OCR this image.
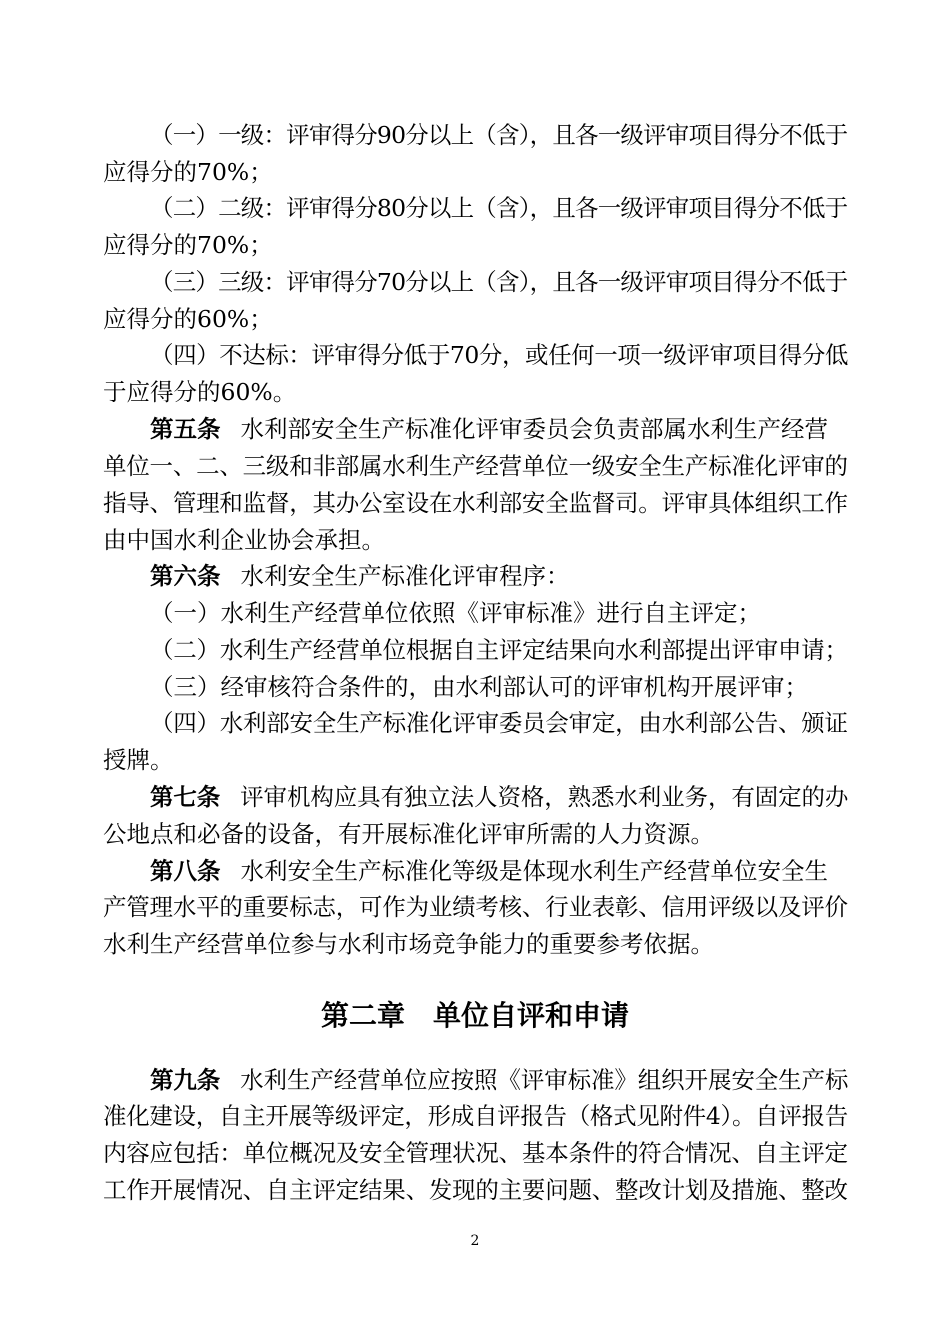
（一）一级：评审得分90分以上（含），且各一级评审项目得分不低于
应得分的70%；
（二）二级：评审得分80分以上（含），且各一级评审项目得分不低于
应得分的70%；
（三）三级：评审得分70分以上（含），且各一级评审项目得分不低于
应得分的60%；
（四）不达标：评审得分低于70分，或任何一项一级评审项目得分低
于应得分的60%。
第五条 水利部安全生产标准化评审委员会负责部属水利生产经营
单位一、二、三级和非部属水利生产经营单位一级安全生产标准化评审的
指导、管理和监督，其办公室设在水利部安全监督司。评审具体组织工作
由中国水利企业协会承担。
第六条 水利安全生产标准化评审程序：
（一）水利生产经营单位依照《评审标准》进行自主评定；
（二）水利生产经营单位根据自主评定结果向水利部提出评审申请；
（三）经审核符合条件的，由水利部认可的评审机构开展评审；
（四）水利部安全生产标准化评审委员会审定，由水利部公告、颁证
授牌。
第七条 评审机构应具有独立法人资格，熟悉水利业务，有固定的办
公地点和必备的设备，有开展标准化评审所需的人力资源。
第八条 水利安全生产标准化等级是体现水利生产经营单位安全生
产管理水平的重要标志，可作为业绩考核、行业表彰、信用评级以及评价
水利生产经营单位参与水利市场竞争能力的重要参考依据。
第二章　单位自评和申请
第九条 水利生产经营单位应按照《评审标准》组织开展安全生产标
准化建设，自主开展等级评定，形成自评报告（格式见附件4）。自评报告
内容应包括：单位概况及安全管理状况、基本条件的符合情况、自主评定
工作开展情况、自主评定结果、发现的主要问题、整改计划及措施、整改
2
